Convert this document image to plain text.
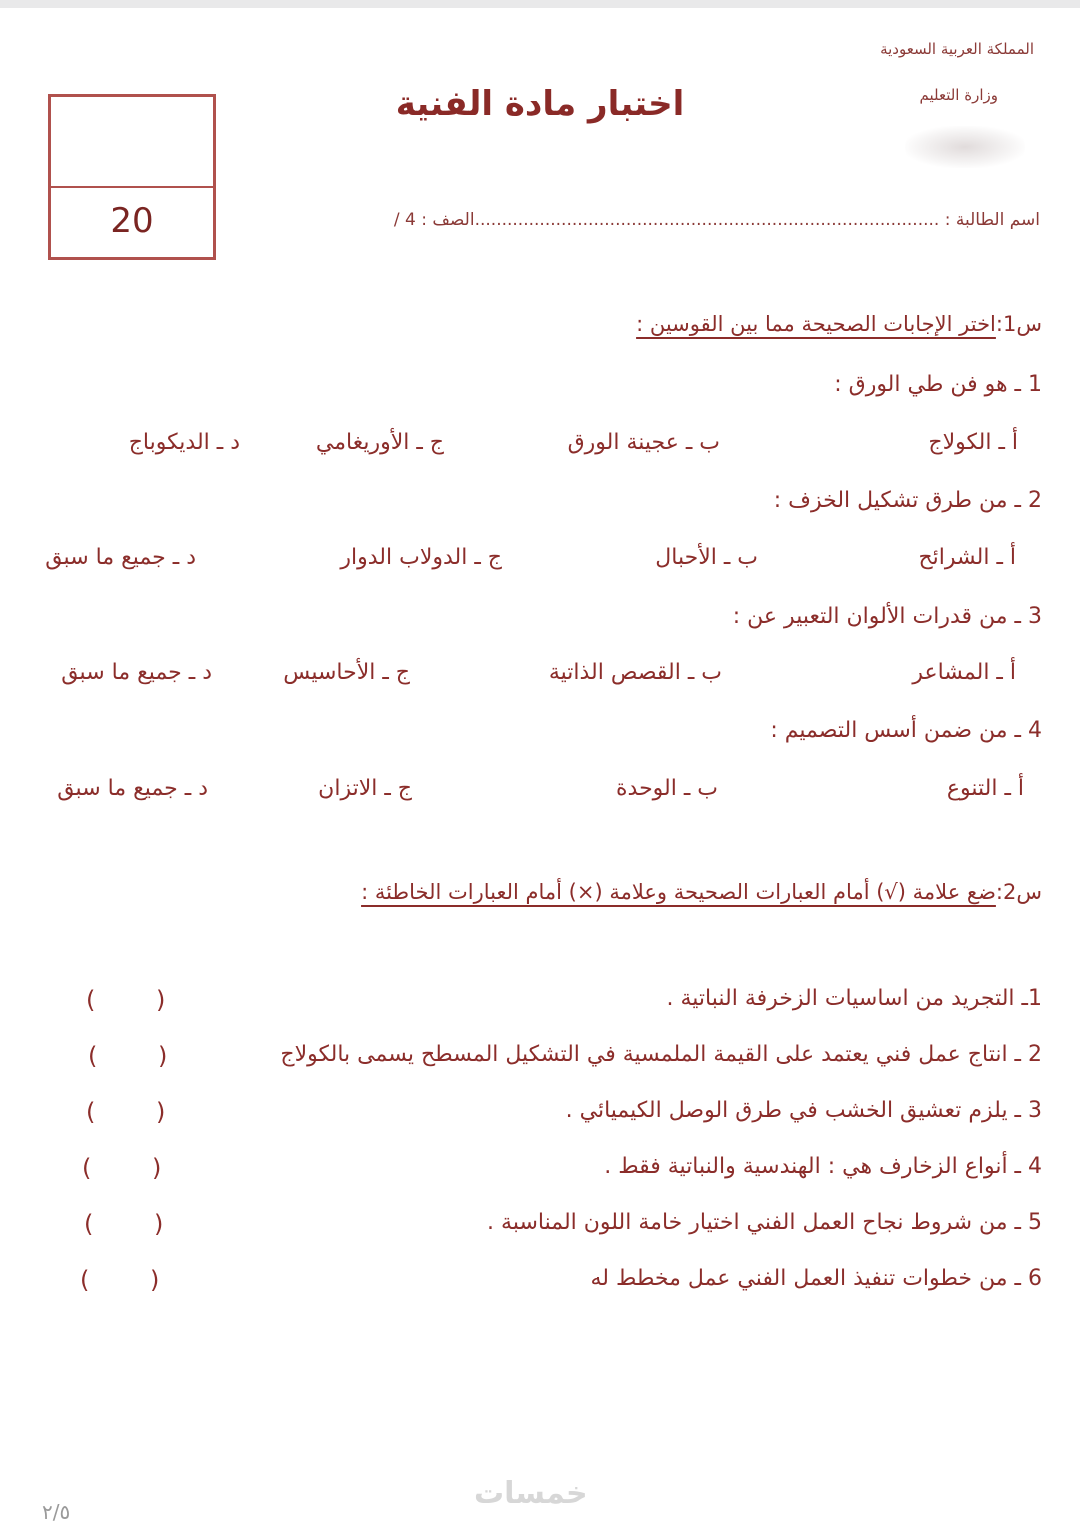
المملكة العربية السعودية
وزارة التعليم
اختبار مادة الفنية
20	اسم الطالبة : ......................................................................................الصف : 4 /
س1:اختر الإجابات الصحيحة مما بين القوسين :
1 ـ هو فن طي الورق :
أ ـ الكولاج
ب ـ عجينة الورق
ج ـ الأوريغامي
د ـ الديكوباج
2 ـ من طرق تشكيل الخزف :
أ ـ الشرائح
ب ـ الأحبال
ج ـ الدولاب الدوار
د ـ جميع ما سبق
3 ـ من قدرات الألوان التعبير عن :
أ ـ المشاعر
ب ـ القصص الذاتية
ج ـ الأحاسيس
د ـ جميع ما سبق
4 ـ من ضمن أسس التصميم :
أ ـ التنوع
ب ـ الوحدة
ج ـ الاتزان
د ـ جميع ما سبق
س2:ضع علامة (√) أمام العبارات الصحيحة وعلامة (×) أمام العبارات الخاطئة :
1ـ التجريد من اساسيات الزخرفة النباتية .
(
)
2 ـ انتاج عمل فني يعتمد على القيمة الملمسية في التشكيل المسطح يسمى بالكولاج
(
)
3 ـ يلزم تعشيق الخشب في طرق الوصل الكيميائي .
(
)
4 ـ أنواع الزخارف هي : الهندسية والنباتية فقط .
(
)
5 ـ من شروط نجاح العمل الفني اختيار خامة اللون المناسبة .
(
)
6 ـ من خطوات تنفيذ العمل الفني عمل مخطط له
(
)
خمسات
٢/٥
